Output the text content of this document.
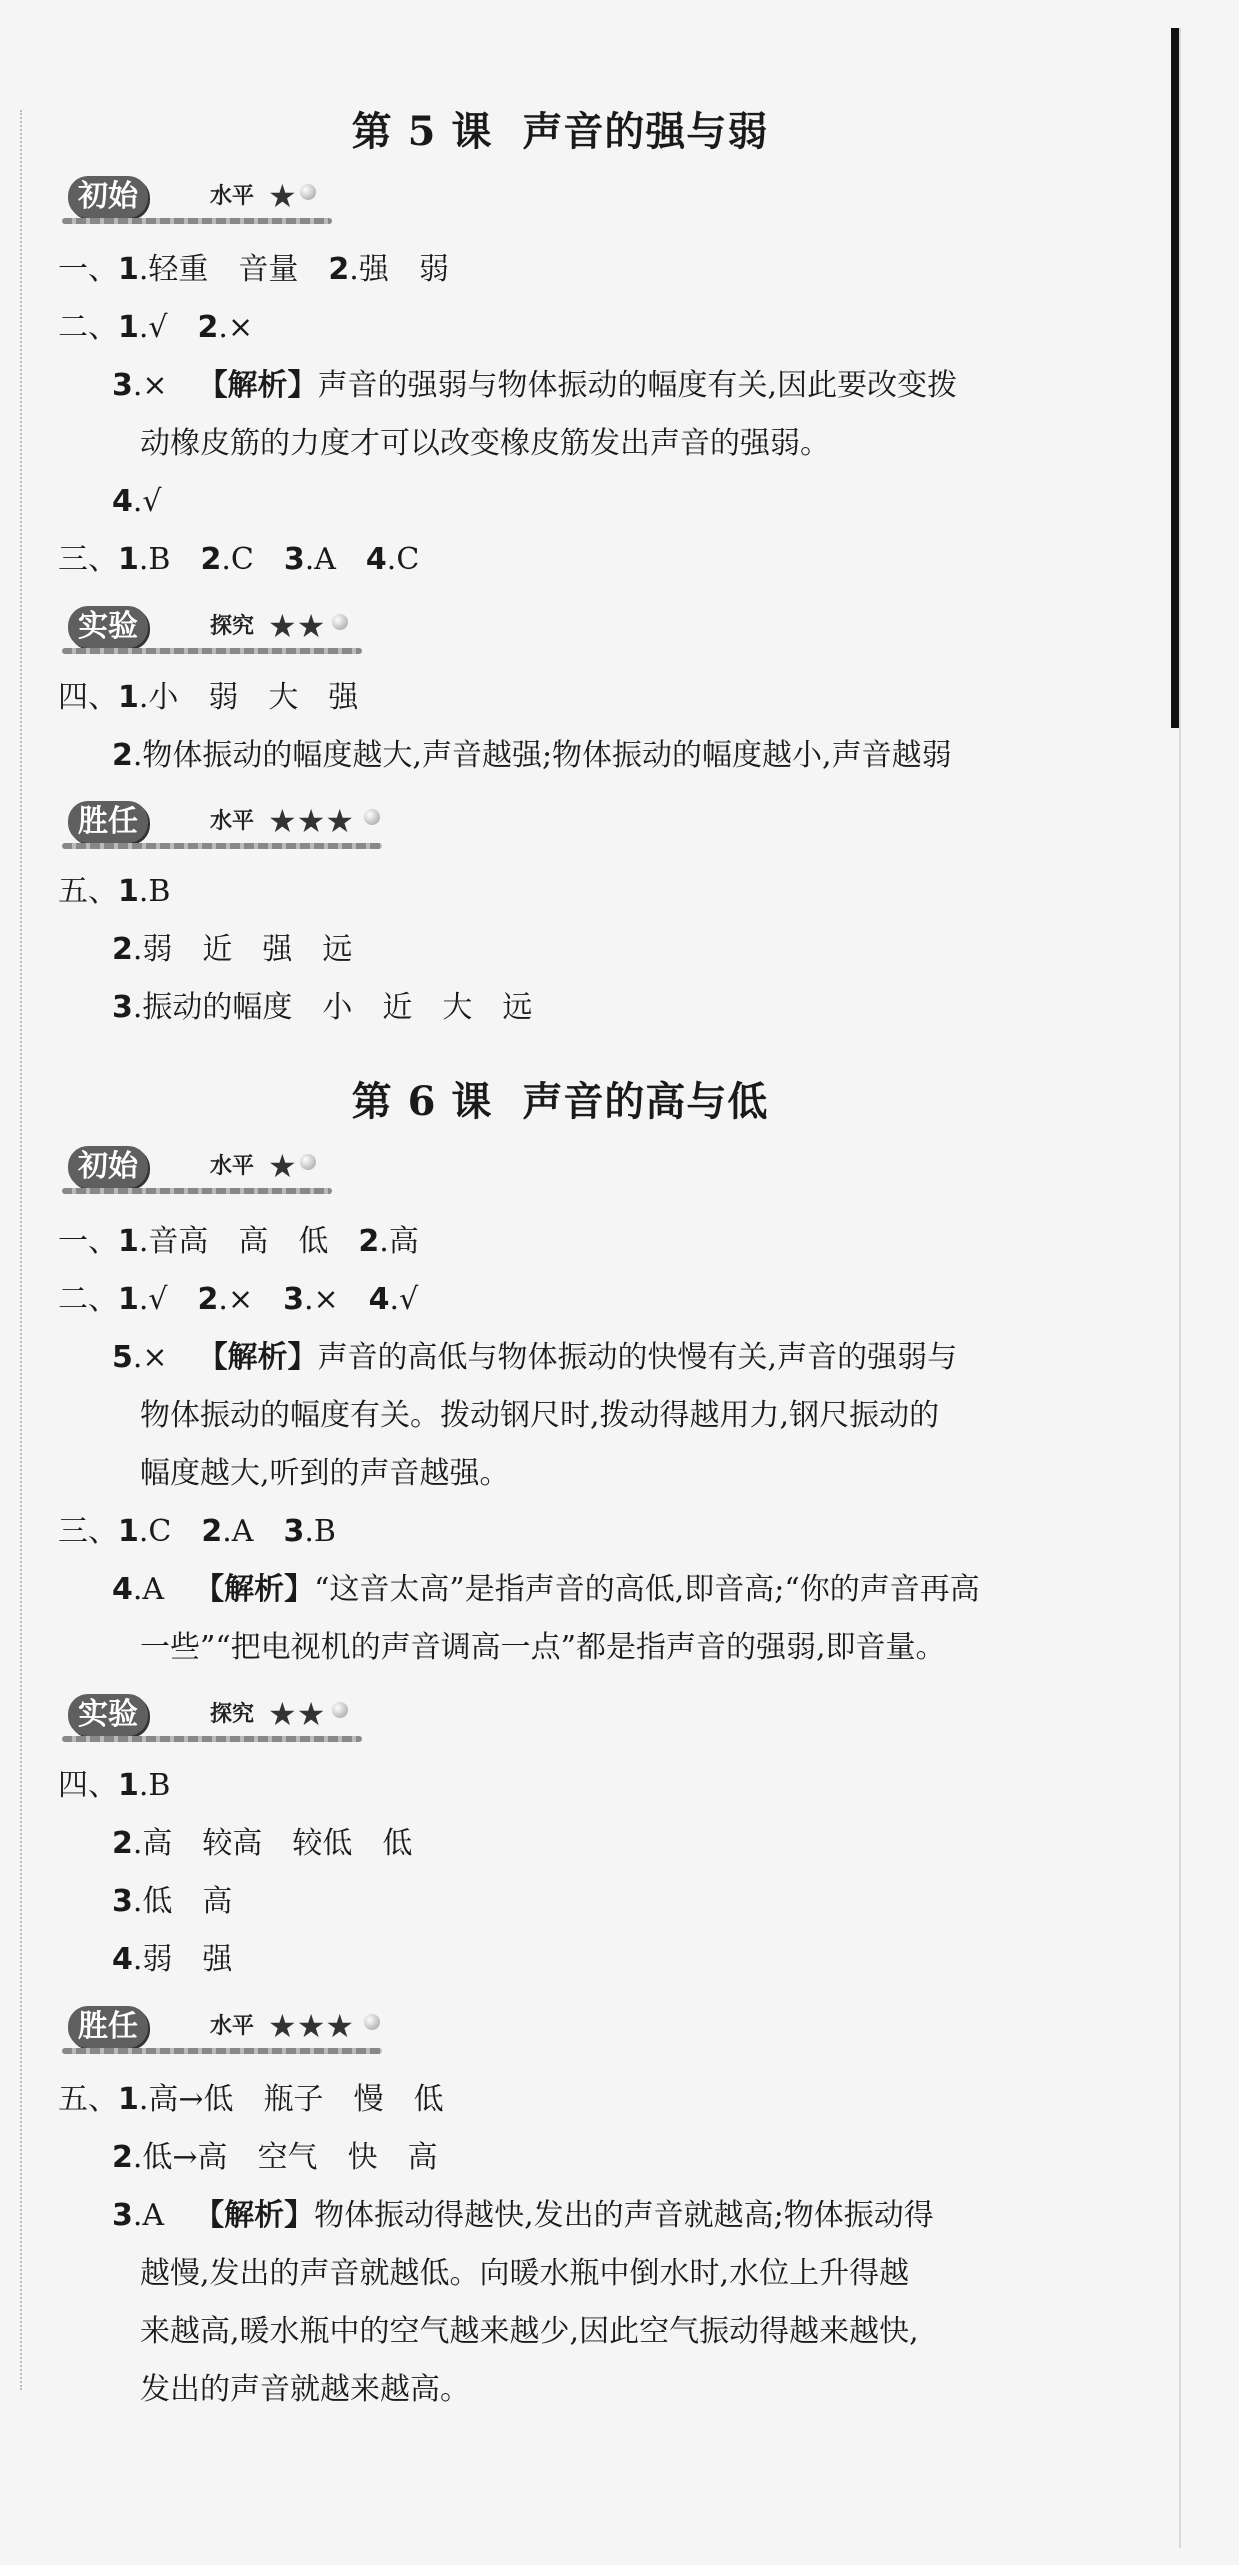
第 5 课 声音的强与弱
初始	水平 ★
一、1.轻重 音量 2.强 弱
二、1.√ 2.×
3.× 【解析】声音的强弱与物体振动的幅度有关,因此要改变拨
动橡皮筋的力度才可以改变橡皮筋发出声音的强弱。
4.√
三、1.B 2.C 3.A 4.C
实验	探究 ★★
四、1.小 弱 大 强
2.物体振动的幅度越大,声音越强;物体振动的幅度越小,声音越弱
胜任	水平 ★★★
五、1.B
2.弱 近 强 远
3.振动的幅度 小 近 大 远
第 6 课 声音的高与低
初始	水平 ★
一、1.音高 高 低 2.高
二、1.√ 2.× 3.× 4.√
5.× 【解析】声音的高低与物体振动的快慢有关,声音的强弱与
物体振动的幅度有关。拨动钢尺时,拨动得越用力,钢尺振动的
幅度越大,听到的声音越强。
三、1.C 2.A 3.B
4.A 【解析】“这音太高”是指声音的高低,即音高;“你的声音再高
一些”“把电视机的声音调高一点”都是指声音的强弱,即音量。
实验	探究 ★★
四、1.B
2.高 较高 较低 低
3.低 高
4.弱 强
胜任	水平 ★★★
五、1.高→低 瓶子 慢 低
2.低→高 空气 快 高
3.A 【解析】物体振动得越快,发出的声音就越高;物体振动得
越慢,发出的声音就越低。向暖水瓶中倒水时,水位上升得越
来越高,暖水瓶中的空气越来越少,因此空气振动得越来越快,
发出的声音就越来越高。
